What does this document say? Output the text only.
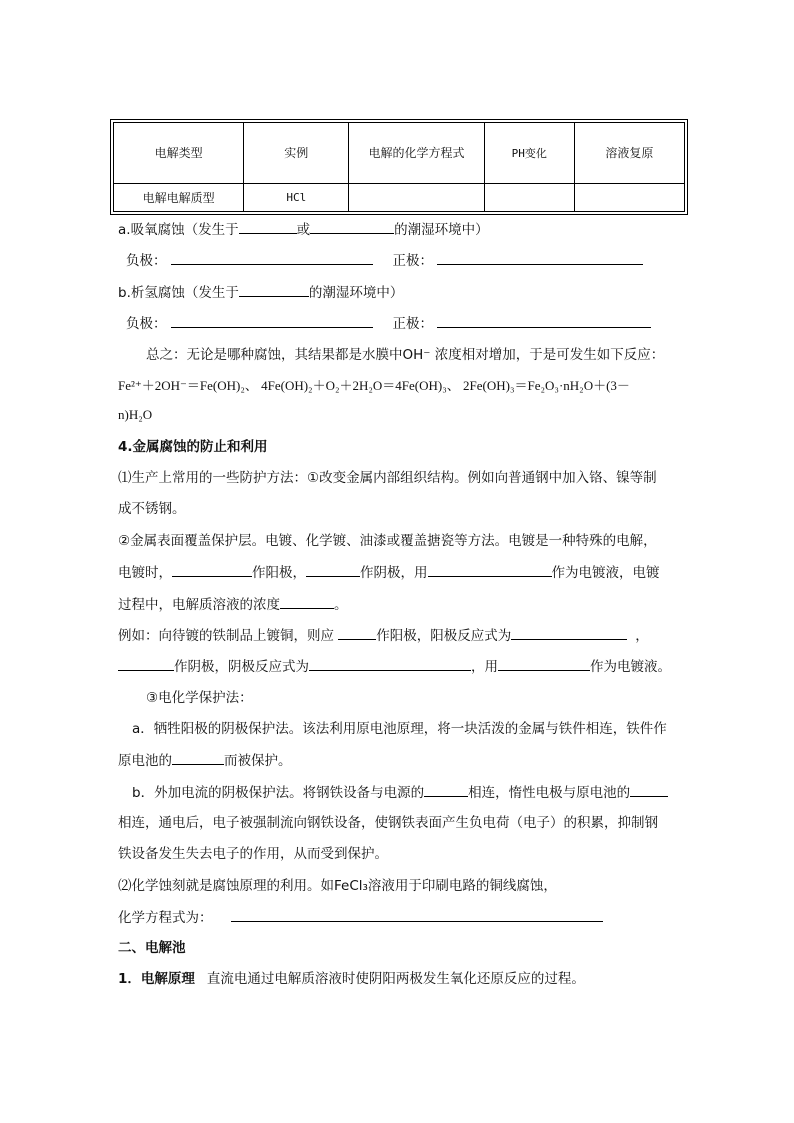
电解类型	实例	电解的化学方程式	PH变化	溶液复原
电解电解质型	HCl			
a.吸氧腐蚀（发生于	或	的潮湿环境中）
负极：	正极：
b.析氢腐蚀（发生于	的潮湿环境中）
负极：	正极：
总之：无论是哪种腐蚀，其结果都是水膜中OH⁻ 浓度相对增加，于是可发生如下反应：
Fe²⁺＋2OH⁻＝Fe(OH)₂、 4Fe(OH)₂＋O₂＋2H₂O＝4Fe(OH)₃、 2Fe(OH)₃＝Fe₂O₃·nH₂O＋(3－
n)H₂O
4.金属腐蚀的防止和利用
⑴生产上常用的一些防护方法：①改变金属内部组织结构。例如向普通钢中加入铬、镍等制
成不锈钢。
②金属表面覆盖保护层。电镀、化学镀、油漆或覆盖搪瓷等方法。电镀是一种特殊的电解，
电镀时，	作阳极，	作阴极，用	作为电镀液，电镀
过程中，电解质溶液的浓度	。
例如：向待镀的铁制品上镀铜，则应	作阳极，阳极反应式为	，
作阴极，阴极反应式为	，用	作为电镀液。
③电化学保护法：
a．牺牲阳极的阴极保护法。该法利用原电池原理，将一块活泼的金属与铁件相连，铁件作
原电池的	而被保护。
b．外加电流的阴极保护法。将钢铁设备与电源的	相连，惰性电极与原电池的
相连，通电后，电子被强制流向钢铁设备，使钢铁表面产生负电荷（电子）的积累，抑制钢
铁设备发生失去电子的作用，从而受到保护。
⑵化学蚀刻就是腐蚀原理的利用。如FeCl₃溶液用于印刷电路的铜线腐蚀，
化学方程式为：
二、电解池
1．电解原理 直流电通过电解质溶液时使阴阳两极发生氧化还原反应的过程。
